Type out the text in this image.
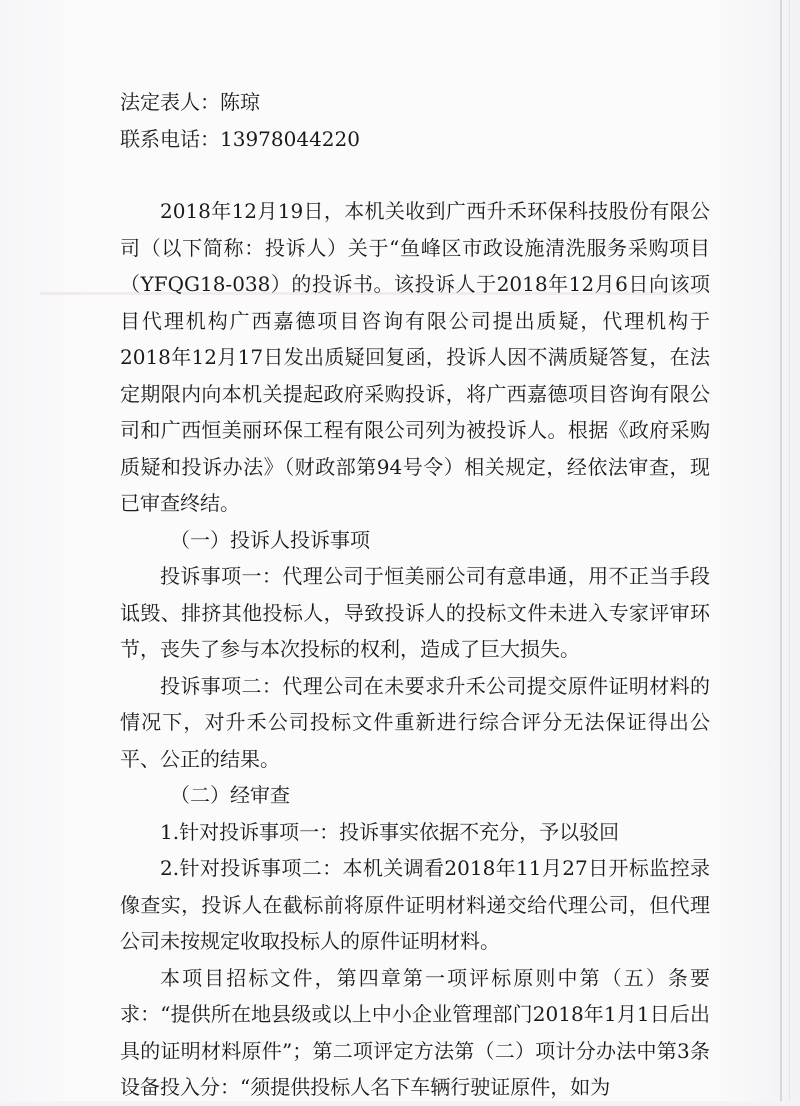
法定表人：陈琼

联系电话：13978044220

2018年12月19日，本机关收到广西升禾环保科技股份有限公司（以下简称：投诉人）关于“鱼峰区市政设施清洗服务采购项目（YFQG18-038）的投诉书。该投诉人于2018年12月6日向该项目代理机构广西嘉德项目咨询有限公司提出质疑，代理机构于2018年12月17日发出质疑回复函，投诉人因不满质疑答复，在法定期限内向本机关提起政府采购投诉，将广西嘉德项目咨询有限公司和广西恒美丽环保工程有限公司列为被投诉人。根据《政府采购质疑和投诉办法》（财政部第94号令）相关规定，经依法审查，现已审查终结。

（一）投诉人投诉事项

投诉事项一：代理公司于恒美丽公司有意串通，用不正当手段诋毁、排挤其他投标人，导致投诉人的投标文件未进入专家评审环节，丧失了参与本次投标的权利，造成了巨大损失。

投诉事项二：代理公司在未要求升禾公司提交原件证明材料的情况下，对升禾公司投标文件重新进行综合评分无法保证得出公平、公正的结果。

（二）经审查

1.针对投诉事项一：投诉事实依据不充分，予以驳回

2.针对投诉事项二：本机关调看2018年11月27日开标监控录像查实，投诉人在截标前将原件证明材料递交给代理公司，但代理公司未按规定收取投标人的原件证明材料。

本项目招标文件，第四章第一项评标原则中第（五）条要求：“提供所在地县级或以上中小企业管理部门2018年1月1日后出具的证明材料原件”；第二项评定方法第（二）项计分办法中第3条设备投入分：“须提供投标人名下车辆行驶证原件，如为
